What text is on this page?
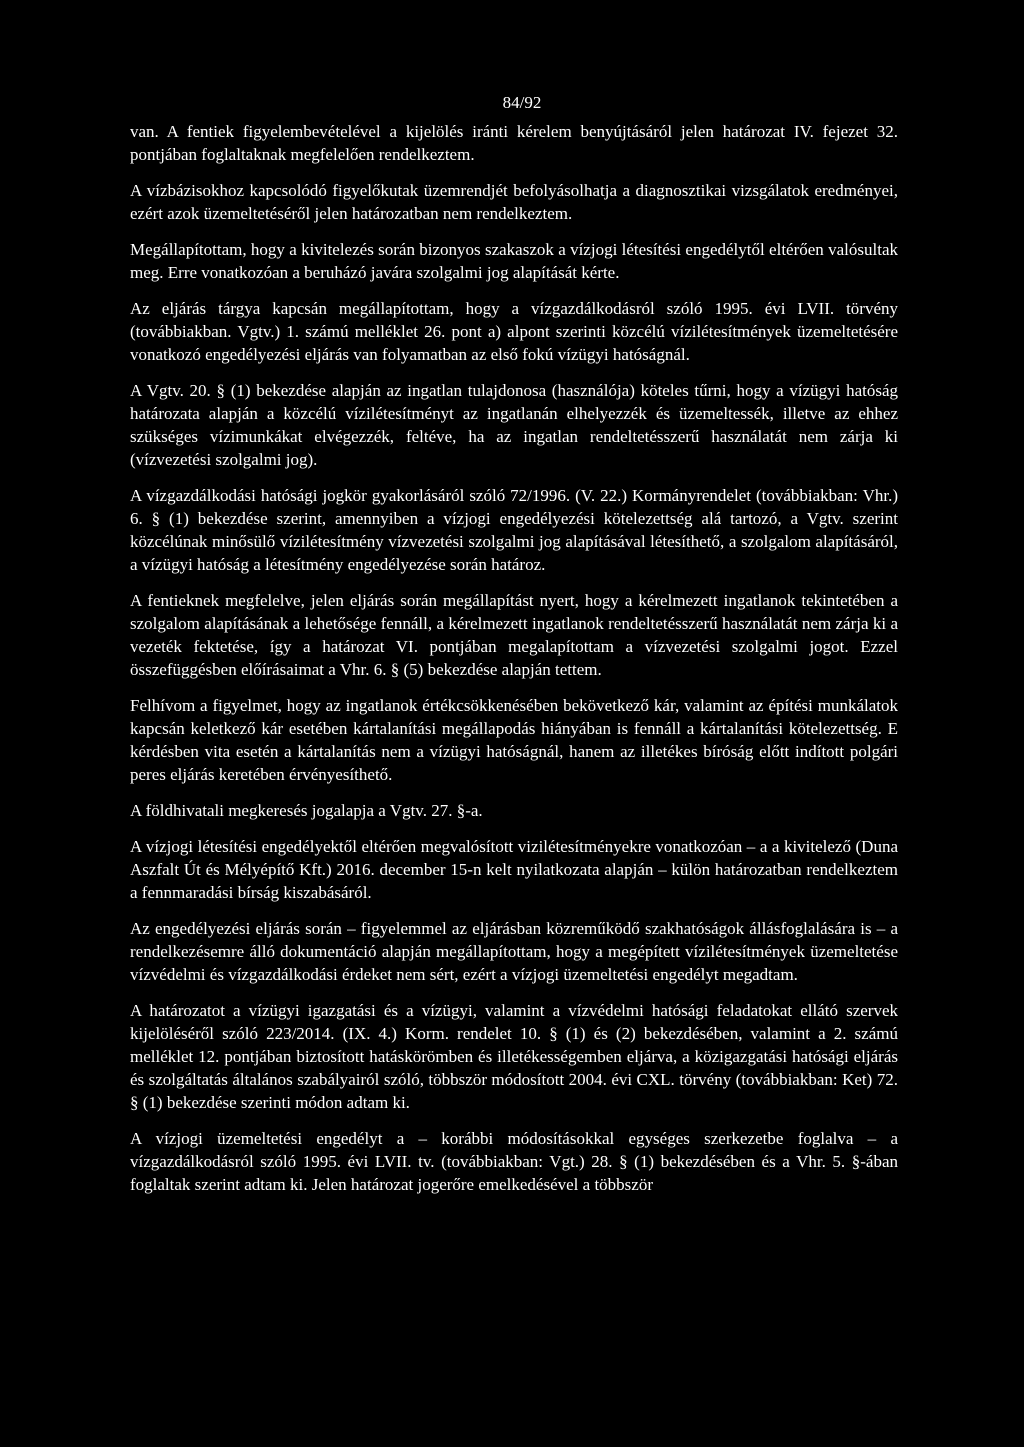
84/92

van. A fentiek figyelembevételével a kijelölés iránti kérelem benyújtásáról jelen határozat IV. fejezet 32. pontjában foglaltaknak megfelelően rendelkeztem.

A vízbázisokhoz kapcsolódó figyelőkutak üzemrendjét befolyásolhatja a diagnosztikai vizsgálatok eredményei, ezért azok üzemeltetéséről jelen határozatban nem rendelkeztem.

Megállapítottam, hogy a kivitelezés során bizonyos szakaszok a vízjogi létesítési engedélytől eltérően valósultak meg. Erre vonatkozóan a beruházó javára szolgalmi jog alapítását kérte.

Az eljárás tárgya kapcsán megállapítottam, hogy a vízgazdálkodásról szóló 1995. évi LVII. törvény (továbbiakban. Vgtv.) 1. számú melléklet 26. pont a) alpont szerinti közcélú vízilétesítmények üzemeltetésére vonatkozó engedélyezési eljárás van folyamatban az első fokú vízügyi hatóságnál.

A Vgtv. 20. § (1) bekezdése alapján az ingatlan tulajdonosa (használója) köteles tűrni, hogy a vízügyi hatóság határozata alapján a közcélú vízilétesítményt az ingatlanán elhelyezzék és üzemeltessék, illetve az ehhez szükséges vízimunkákat elvégezzék, feltéve, ha az ingatlan rendeltetésszerű használatát nem zárja ki (vízvezetési szolgalmi jog).

A vízgazdálkodási hatósági jogkör gyakorlásáról szóló 72/1996. (V. 22.) Kormányrendelet (továbbiakban: Vhr.) 6. § (1) bekezdése szerint, amennyiben a vízjogi engedélyezési kötelezettség alá tartozó, a Vgtv. szerint közcélúnak minősülő vízilétesítmény vízvezetési szolgalmi jog alapításával létesíthető, a szolgalom alapításáról, a vízügyi hatóság a létesítmény engedélyezése során határoz.

A fentieknek megfelelve, jelen eljárás során megállapítást nyert, hogy a kérelmezett ingatlanok tekintetében a szolgalom alapításának a lehetősége fennáll, a kérelmezett ingatlanok rendeltetésszerű használatát nem zárja ki a vezeték fektetése, így a határozat VI. pontjában megalapítottam a vízvezetési szolgalmi jogot. Ezzel összefüggésben előírásaimat a Vhr. 6. § (5) bekezdése alapján tettem.

Felhívom a figyelmet, hogy az ingatlanok értékcsökkenésében bekövetkező kár, valamint az építési munkálatok kapcsán keletkező kár esetében kártalanítási megállapodás hiányában is fennáll a kártalanítási kötelezettség. E kérdésben vita esetén a kártalanítás nem a vízügyi hatóságnál, hanem az illetékes bíróság előtt indított polgári peres eljárás keretében érvényesíthető.

A földhivatali megkeresés jogalapja a Vgtv. 27. §-a.

A vízjogi létesítési engedélyektől eltérően megvalósított vizilétesítményekre vonatkozóan – a a kivitelező (Duna Aszfalt Út és Mélyépítő Kft.) 2016. december 15-n kelt nyilatkozata alapján – külön határozatban rendelkeztem a fennmaradási bírság kiszabásáról.

Az engedélyezési eljárás során – figyelemmel az eljárásban közreműködő szakhatóságok állásfoglalására is – a rendelkezésemre álló dokumentáció alapján megállapítottam, hogy a megépített vízilétesítmények üzemeltetése vízvédelmi és vízgazdálkodási érdeket nem sért, ezért a vízjogi üzemeltetési engedélyt megadtam.

A határozatot a vízügyi igazgatási és a vízügyi, valamint a vízvédelmi hatósági feladatokat ellátó szervek kijelöléséről szóló 223/2014. (IX. 4.) Korm. rendelet 10. § (1) és (2) bekezdésében, valamint a 2. számú melléklet 12. pontjában biztosított hatáskörömben és illetékességemben eljárva, a közigazgatási hatósági eljárás és szolgáltatás általános szabályairól szóló, többször módosított 2004. évi CXL. törvény (továbbiakban: Ket) 72. § (1) bekezdése szerinti módon adtam ki.

A vízjogi üzemeltetési engedélyt a – korábbi módosításokkal egységes szerkezetbe foglalva – a vízgazdálkodásról szóló 1995. évi LVII. tv. (továbbiakban: Vgt.) 28. § (1) bekezdésében és a Vhr. 5. §-ában foglaltak szerint adtam ki. Jelen határozat jogerőre emelkedésével a többször
